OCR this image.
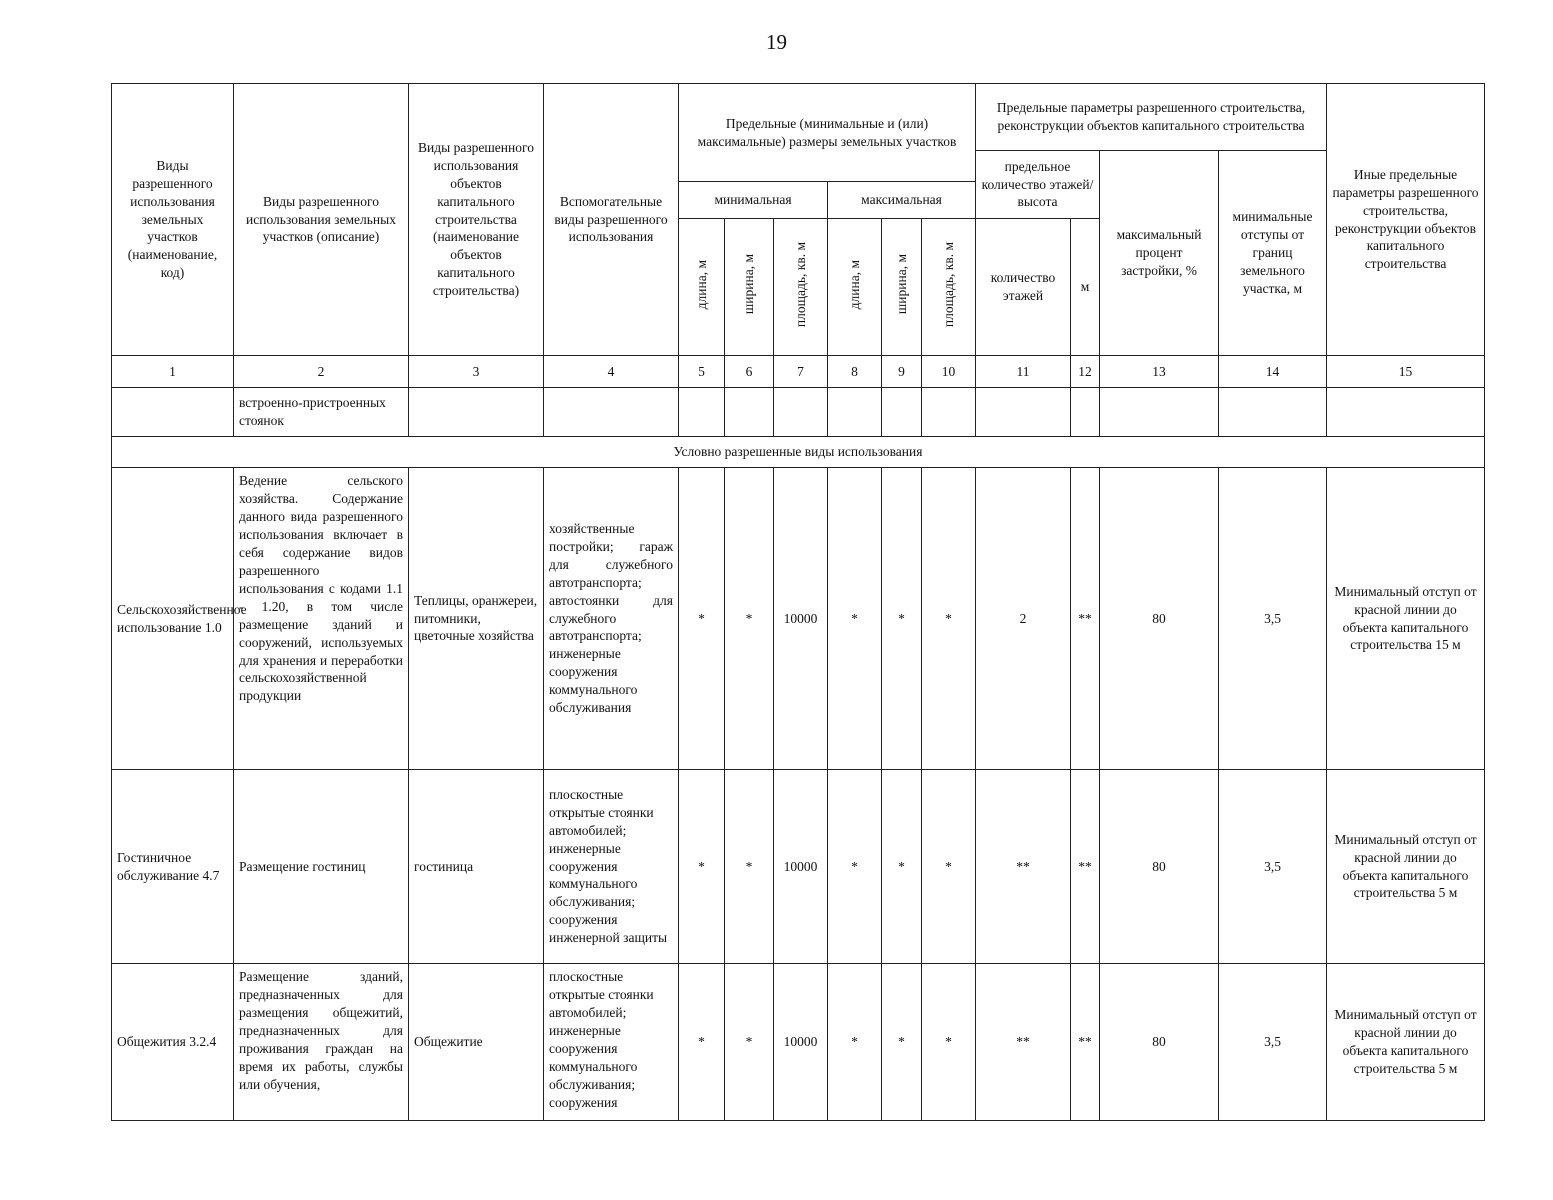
19
Виды разрешенного использования земельных участков (наименование, код)	Виды разрешенного использования земельных участков (описание)	Виды разрешенного использования объектов капитального строительства (наименование объектов капитального строительства)	Вспомогательные виды разрешенного использования	Предельные (минимальные и (или) максимальные) размеры земельных участков						Предельные параметры разрешенного строительства, реконструкции объектов капитального строительства				Иные предельные параметры разрешенного строительства, реконструкции объектов капитального строительства
										предельное количество этажей/высота		максимальный процент застройки, %	минимальные отступы от границ земельного участка, м	
				минимальная			максимальная							
				длина, м	ширина, м	площадь, кв. м	длина, м	ширина, м	площадь, кв. м	количество этажей	м			
1	2	3	4	5	6	7	8	9	10	11	12	13	14	15
	встроенно-пристроенных стоянок													
Условно разрешенные виды использования														
Сельскохозяйственное использование 1.0	Ведение сельского хозяйства. Содержание данного вида разрешенного использования включает в себя содержание видов разрешенного использования с кодами 1.1 - 1.20, в том числе размещение зданий и сооружений, используемых для хранения и переработки сельскохозяйственной продукции	Теплицы, оранжереи, питомники, цветочные хозяйства	хозяйственные постройки; гараж для служебного автотранспорта; автостоянки для служебного автотранспорта; инженерные сооружения коммунального обслуживания	*	*	10000	*	*	*	2	**	80	3,5	Минимальный отступ от красной линии до объекта капитального строительства 15 м
Гостиничное обслуживание 4.7	Размещение гостиниц	гостиница	плоскостные открытые стоянки автомобилей; инженерные сооружения коммунального обслуживания; сооружения инженерной защиты	*	*	10000	*	*	*	**	**	80	3,5	Минимальный отступ от красной линии до объекта капитального строительства 5 м
Общежития 3.2.4	Размещение зданий, предназначенных для размещения общежитий, предназначенных для проживания граждан на время их работы, службы или обучения,	Общежитие	плоскостные открытые стоянки автомобилей; инженерные сооружения коммунального обслуживания; сооружения	*	*	10000	*	*	*	**	**	80	3,5	Минимальный отступ от красной линии до объекта капитального строительства 5 м
